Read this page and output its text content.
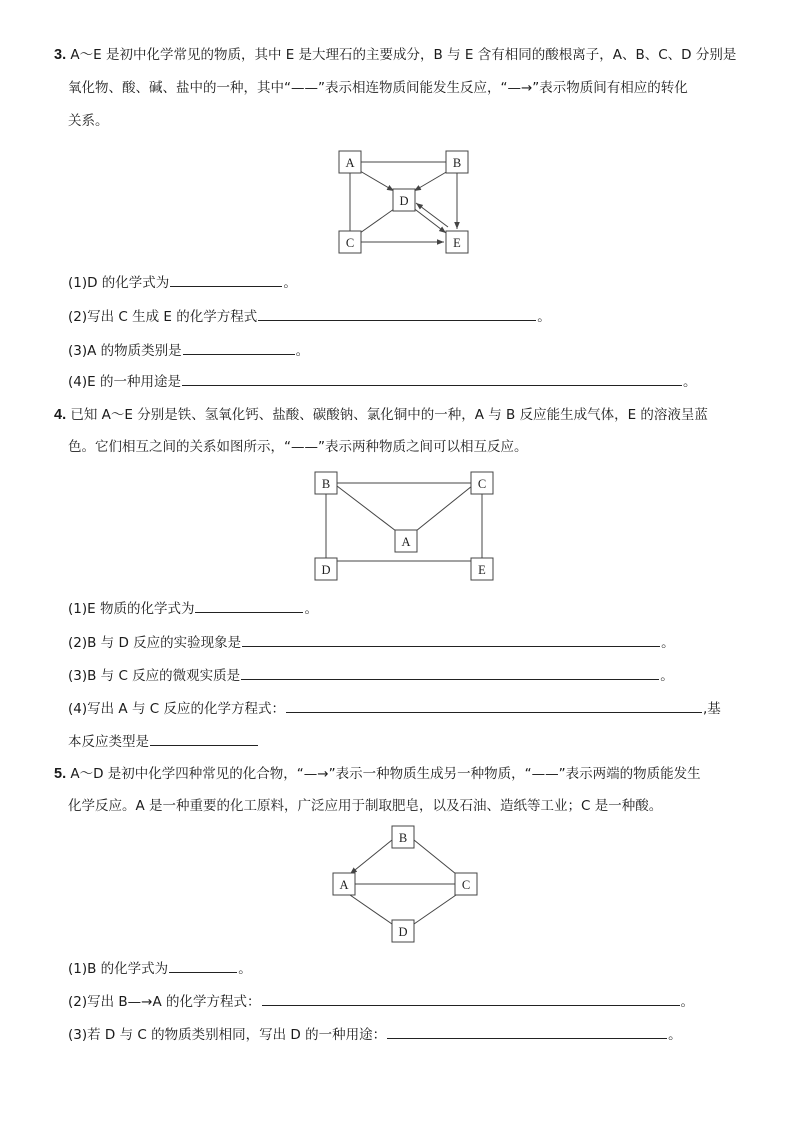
3. A～E 是初中化学常见的物质，其中 E 是大理石的主要成分，B 与 E 含有相同的酸根离子，A、B、C、D 分别是
氧化物、酸、碱、盐中的一种，其中“——”表示相连物质间能发生反应，“—→”表示物质间有相应的转化
关系。
A	B
C
D
E
(1)D 的化学式为	。
(2)写出 C 生成 E 的化学方程式	。
(3)A 的物质类别是	。
(4)E 的一种用途是	。
4. 已知 A～E 分别是铁、氢氧化钙、盐酸、碳酸钠、氯化铜中的一种，A 与 B 反应能生成气体，E 的溶液呈蓝
色。它们相互之间的关系如图所示，“——”表示两种物质之间可以相互反应。
B	C
A
D	E
(1)E 物质的化学式为	。
(2)B 与 D 反应的实验现象是	。
(3)B 与 C 反应的微观实质是	。
(4)写出 A 与 C 反应的化学方程式：	,基
本反应类型是
5. A～D 是初中化学四种常见的化合物，“—→”表示一种物质生成另一种物质，“——”表示两端的物质能发生
化学反应。A 是一种重要的化工原料，广泛应用于制取肥皂，以及石油、造纸等工业；C 是一种酸。
B
A	C
D
(1)B 的化学式为	。
(2)写出 B—→A 的化学方程式：	。
(3)若 D 与 C 的物质类别相同，写出 D 的一种用途：	。
